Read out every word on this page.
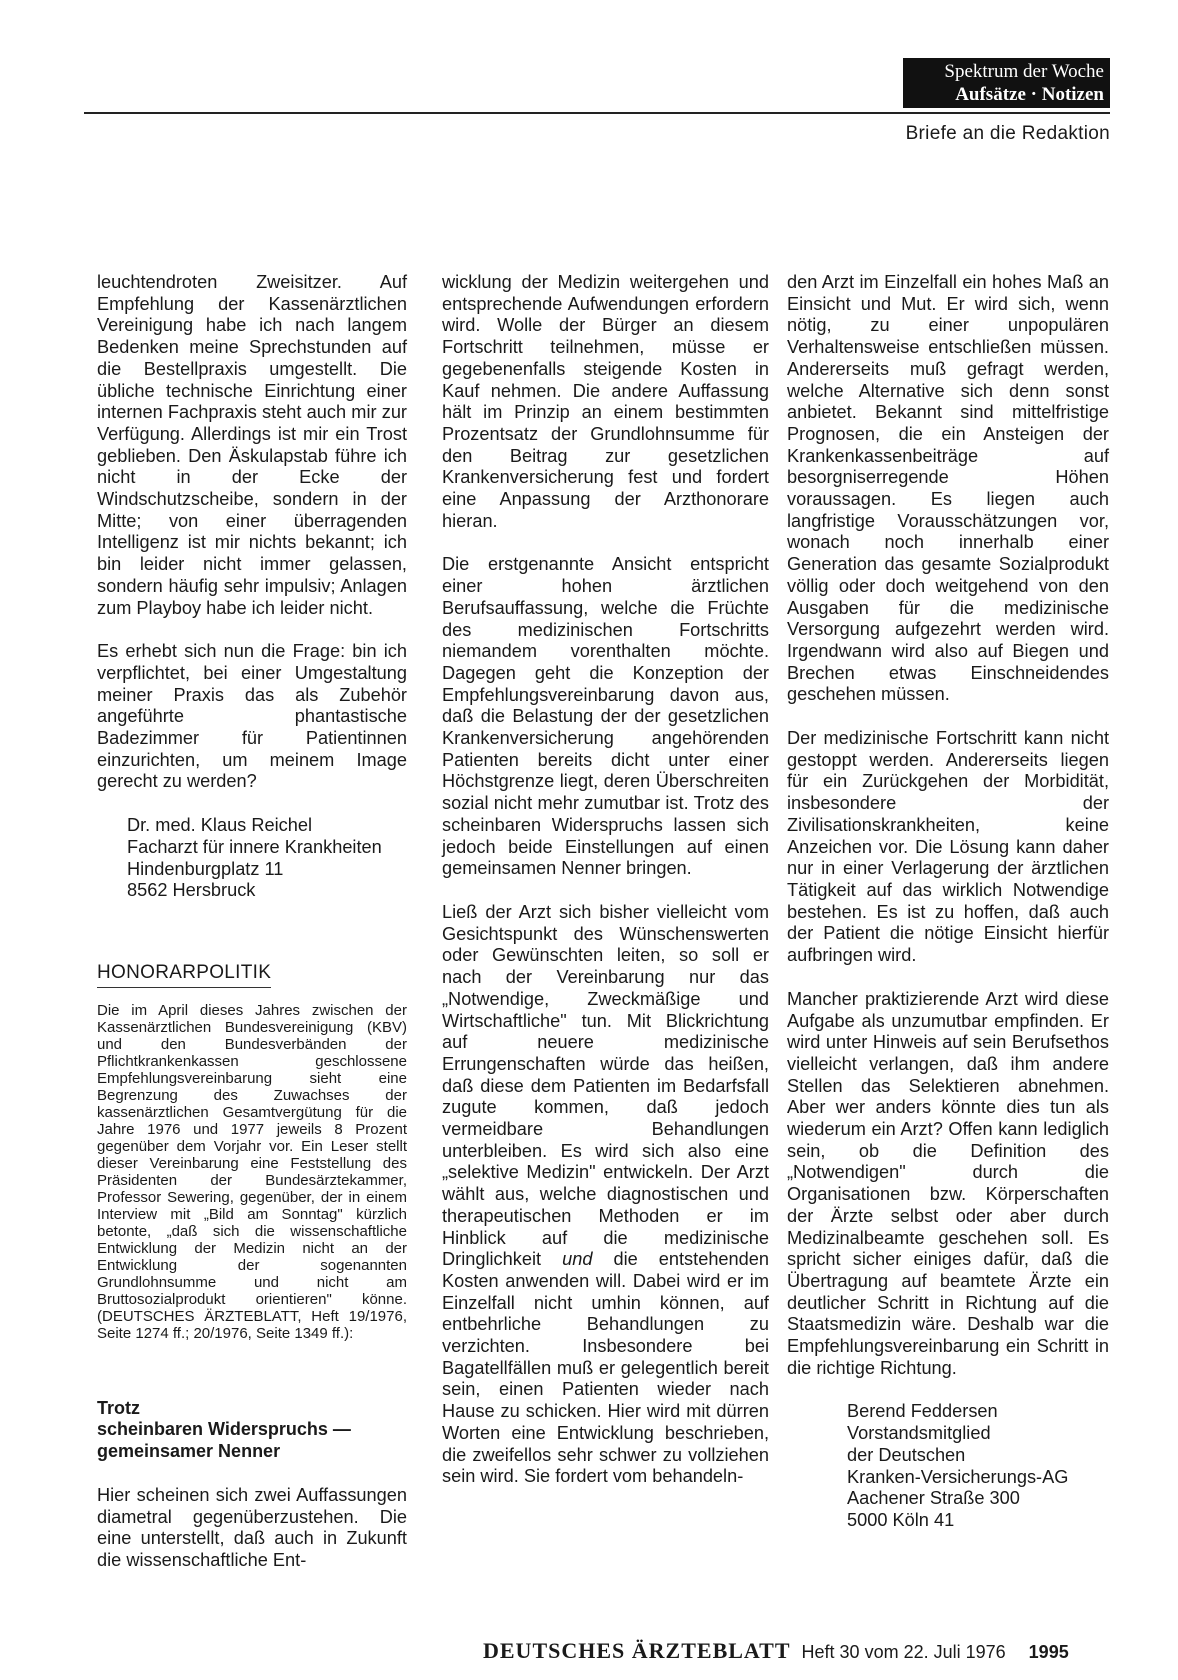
Spektrum der Woche
Aufsätze · Notizen
Briefe an die Redaktion

leuchtendroten Zweisitzer. Auf Empfehlung der Kassenärztlichen Vereinigung habe ich nach langem Bedenken meine Sprechstunden auf die Bestellpraxis umgestellt. Die übliche technische Einrichtung einer internen Fachpraxis steht auch mir zur Verfügung. Allerdings ist mir ein Trost geblieben. Den Äskulapstab führe ich nicht in der Ecke der Windschutzscheibe, sondern in der Mitte; von einer überragenden Intelligenz ist mir nichts bekannt; ich bin leider nicht immer gelassen, sondern häufig sehr impulsiv; Anlagen zum Playboy habe ich leider nicht.

Es erhebt sich nun die Frage: bin ich verpflichtet, bei einer Umgestaltung meiner Praxis das als Zubehör angeführte phantastische Badezimmer für Patientinnen einzurichten, um meinem Image gerecht zu werden?

Dr. med. Klaus Reichel
Facharzt für innere Krankheiten
Hindenburgplatz 11
8562 Hersbruck
HONORARPOLITIK
Die im April dieses Jahres zwischen der Kassenärztlichen Bundesvereinigung (KBV) und den Bundesverbänden der Pflichtkrankenkassen geschlossene Empfehlungsvereinbarung sieht eine Begrenzung des Zuwachses der kassenärztlichen Gesamtvergütung für die Jahre 1976 und 1977 jeweils 8 Prozent gegenüber dem Vorjahr vor. Ein Leser stellt dieser Vereinbarung eine Feststellung des Präsidenten der Bundesärztekammer, Professor Sewering, gegenüber, der in einem Interview mit „Bild am Sonntag" kürzlich betonte, „daß sich die wissenschaftliche Entwicklung der Medizin nicht an der Entwicklung der sogenannten Grundlohnsumme und nicht am Bruttosozialprodukt orientieren" könne. (DEUTSCHES ÄRZTEBLATT, Heft 19/1976, Seite 1274 ff.; 20/1976, Seite 1349 ff.):
Trotz
scheinbaren Widerspruchs —
gemeinsamer Nenner

Hier scheinen sich zwei Auffassungen diametral gegenüberzustehen. Die eine unterstellt, daß auch in Zukunft die wissenschaftliche Ent-

wicklung der Medizin weitergehen und entsprechende Aufwendungen erfordern wird. Wolle der Bürger an diesem Fortschritt teilnehmen, müsse er gegebenenfalls steigende Kosten in Kauf nehmen. Die andere Auffassung hält im Prinzip an einem bestimmten Prozentsatz der Grundlohnsumme für den Beitrag zur gesetzlichen Krankenversicherung fest und fordert eine Anpassung der Arzthonorare hieran.

Die erstgenannte Ansicht entspricht einer hohen ärztlichen Berufsauffassung, welche die Früchte des medizinischen Fortschritts niemandem vorenthalten möchte. Dagegen geht die Konzeption der Empfehlungsvereinbarung davon aus, daß die Belastung der der gesetzlichen Krankenversicherung angehörenden Patienten bereits dicht unter einer Höchstgrenze liegt, deren Überschreiten sozial nicht mehr zumutbar ist. Trotz des scheinbaren Widerspruchs lassen sich jedoch beide Einstellungen auf einen gemeinsamen Nenner bringen.

Ließ der Arzt sich bisher vielleicht vom Gesichtspunkt des Wünschenswerten oder Gewünschten leiten, so soll er nach der Vereinbarung nur das „Notwendige, Zweckmäßige und Wirtschaftliche" tun. Mit Blickrichtung auf neuere medizinische Errungenschaften würde das heißen, daß diese dem Patienten im Bedarfsfall zugute kommen, daß jedoch vermeidbare Behandlungen unterbleiben. Es wird sich also eine „selektive Medizin" entwickeln. Der Arzt wählt aus, welche diagnostischen und therapeutischen Methoden er im Hinblick auf die medizinische Dringlichkeit und die entstehenden Kosten anwenden will. Dabei wird er im Einzelfall nicht umhin können, auf entbehrliche Behandlungen zu verzichten. Insbesondere bei Bagatellfällen muß er gelegentlich bereit sein, einen Patienten wieder nach Hause zu schicken. Hier wird mit dürren Worten eine Entwicklung beschrieben, die zweifellos sehr schwer zu vollziehen sein wird. Sie fordert vom behandeln-

den Arzt im Einzelfall ein hohes Maß an Einsicht und Mut. Er wird sich, wenn nötig, zu einer unpopulären Verhaltensweise entschließen müssen. Andererseits muß gefragt werden, welche Alternative sich denn sonst anbietet. Bekannt sind mittelfristige Prognosen, die ein Ansteigen der Krankenkassenbeiträge auf besorgniserregende Höhen voraussagen. Es liegen auch langfristige Vorausschätzungen vor, wonach noch innerhalb einer Generation das gesamte Sozialprodukt völlig oder doch weitgehend von den Ausgaben für die medizinische Versorgung aufgezehrt werden wird. Irgendwann wird also auf Biegen und Brechen etwas Einschneidendes geschehen müssen.

Der medizinische Fortschritt kann nicht gestoppt werden. Andererseits liegen für ein Zurückgehen der Morbidität, insbesondere der Zivilisationskrankheiten, keine Anzeichen vor. Die Lösung kann daher nur in einer Verlagerung der ärztlichen Tätigkeit auf das wirklich Notwendige bestehen. Es ist zu hoffen, daß auch der Patient die nötige Einsicht hierfür aufbringen wird.

Mancher praktizierende Arzt wird diese Aufgabe als unzumutbar empfinden. Er wird unter Hinweis auf sein Berufsethos vielleicht verlangen, daß ihm andere Stellen das Selektieren abnehmen. Aber wer anders könnte dies tun als wiederum ein Arzt? Offen kann lediglich sein, ob die Definition des „Notwendigen" durch die Organisationen bzw. Körperschaften der Ärzte selbst oder aber durch Medizinalbeamte geschehen soll. Es spricht sicher einiges dafür, daß die Übertragung auf beamtete Ärzte ein deutlicher Schritt in Richtung auf die Staatsmedizin wäre. Deshalb war die Empfehlungsvereinbarung ein Schritt in die richtige Richtung.

Berend Feddersen
Vorstandsmitglied
der Deutschen
Kranken-Versicherungs-AG
Aachener Straße 300
5000 Köln 41
DEUTSCHES ÄRZTEBLATT Heft 30 vom 22. Juli 1976 1995
